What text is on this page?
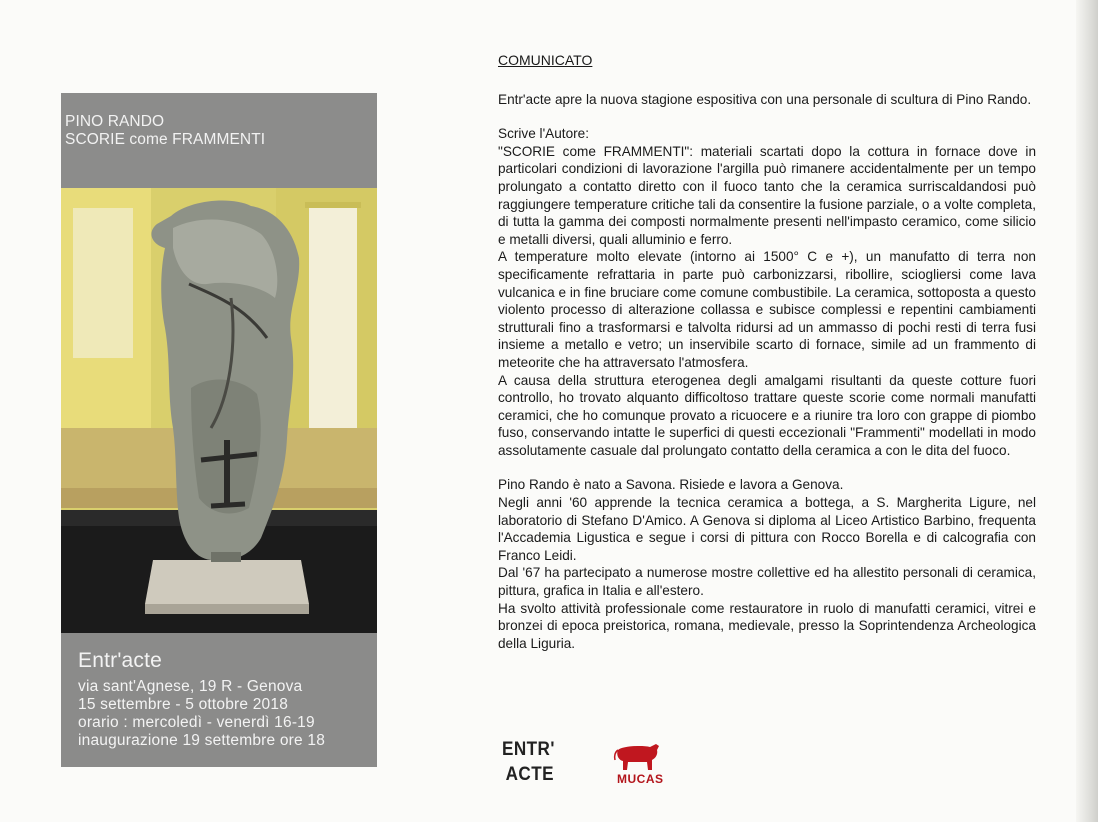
PINO RANDO
SCORIE come FRAMMENTI
Entr'acte
via sant'Agnese, 19 R - Genova
15 settembre - 5 ottobre 2018
orario : mercoledì - venerdì 16-19
inaugurazione 19 settembre ore 18
COMUNICATO

Entr'acte apre la nuova stagione espositiva con una personale di scultura di Pino Rando.

Scrive l'Autore:

"SCORIE come FRAMMENTI": materiali scartati dopo la cottura in fornace dove in particolari condizioni di lavorazione l'argilla può rimanere accidentalmente per un tempo prolungato a contatto diretto con il fuoco tanto che la ceramica surriscaldandosi può raggiungere temperature critiche tali da consentire la fusione parziale, o a volte completa, di tutta la gamma dei composti normalmente presenti nell'impasto ceramico, come silicio e metalli diversi, quali alluminio e ferro.

A temperature molto elevate (intorno ai 1500° C e +), un manufatto di terra non specificamente refrattaria in parte può carbonizzarsi, ribollire, sciogliersi come lava vulcanica e in fine bruciare come comune combustibile. La ceramica, sottoposta a questo violento processo di alterazione collassa e subisce complessi e repentini cambiamenti strutturali fino a trasformarsi e talvolta ridursi ad un ammasso di pochi resti di terra fusi insieme a metallo e vetro; un inservibile scarto di fornace, simile ad un frammento di meteorite che ha attraversato l'atmosfera.

A causa della struttura eterogenea degli amalgami risultanti da queste cotture fuori controllo, ho trovato alquanto difficoltoso trattare queste scorie come normali manufatti ceramici, che ho comunque provato a ricuocere e a riunire tra loro con grappe di piombo fuso, conservando intatte le superfici di questi eccezionali "Frammenti" modellati in modo assolutamente casuale dal prolungato contatto della ceramica a con le dita del fuoco.

Pino Rando è nato a Savona. Risiede e lavora a Genova.

Negli anni '60 apprende la tecnica ceramica a bottega, a S. Margherita Ligure, nel laboratorio di Stefano D'Amico. A Genova si diploma al Liceo Artistico Barbino, frequenta l'Accademia Ligustica e segue i corsi di pittura con Rocco Borella e di calcografia con Franco Leidi.

Dal '67 ha partecipato a numerose mostre collettive ed ha allestito personali di ceramica, pittura, grafica in Italia e all'estero.

Ha svolto attività professionale come restauratore in ruolo di manufatti ceramici, vitrei e bronzei di epoca preistorica, romana, medievale, presso la Soprintendenza Archeologica della Liguria.

ENTR'
ACTE	MUCAS
